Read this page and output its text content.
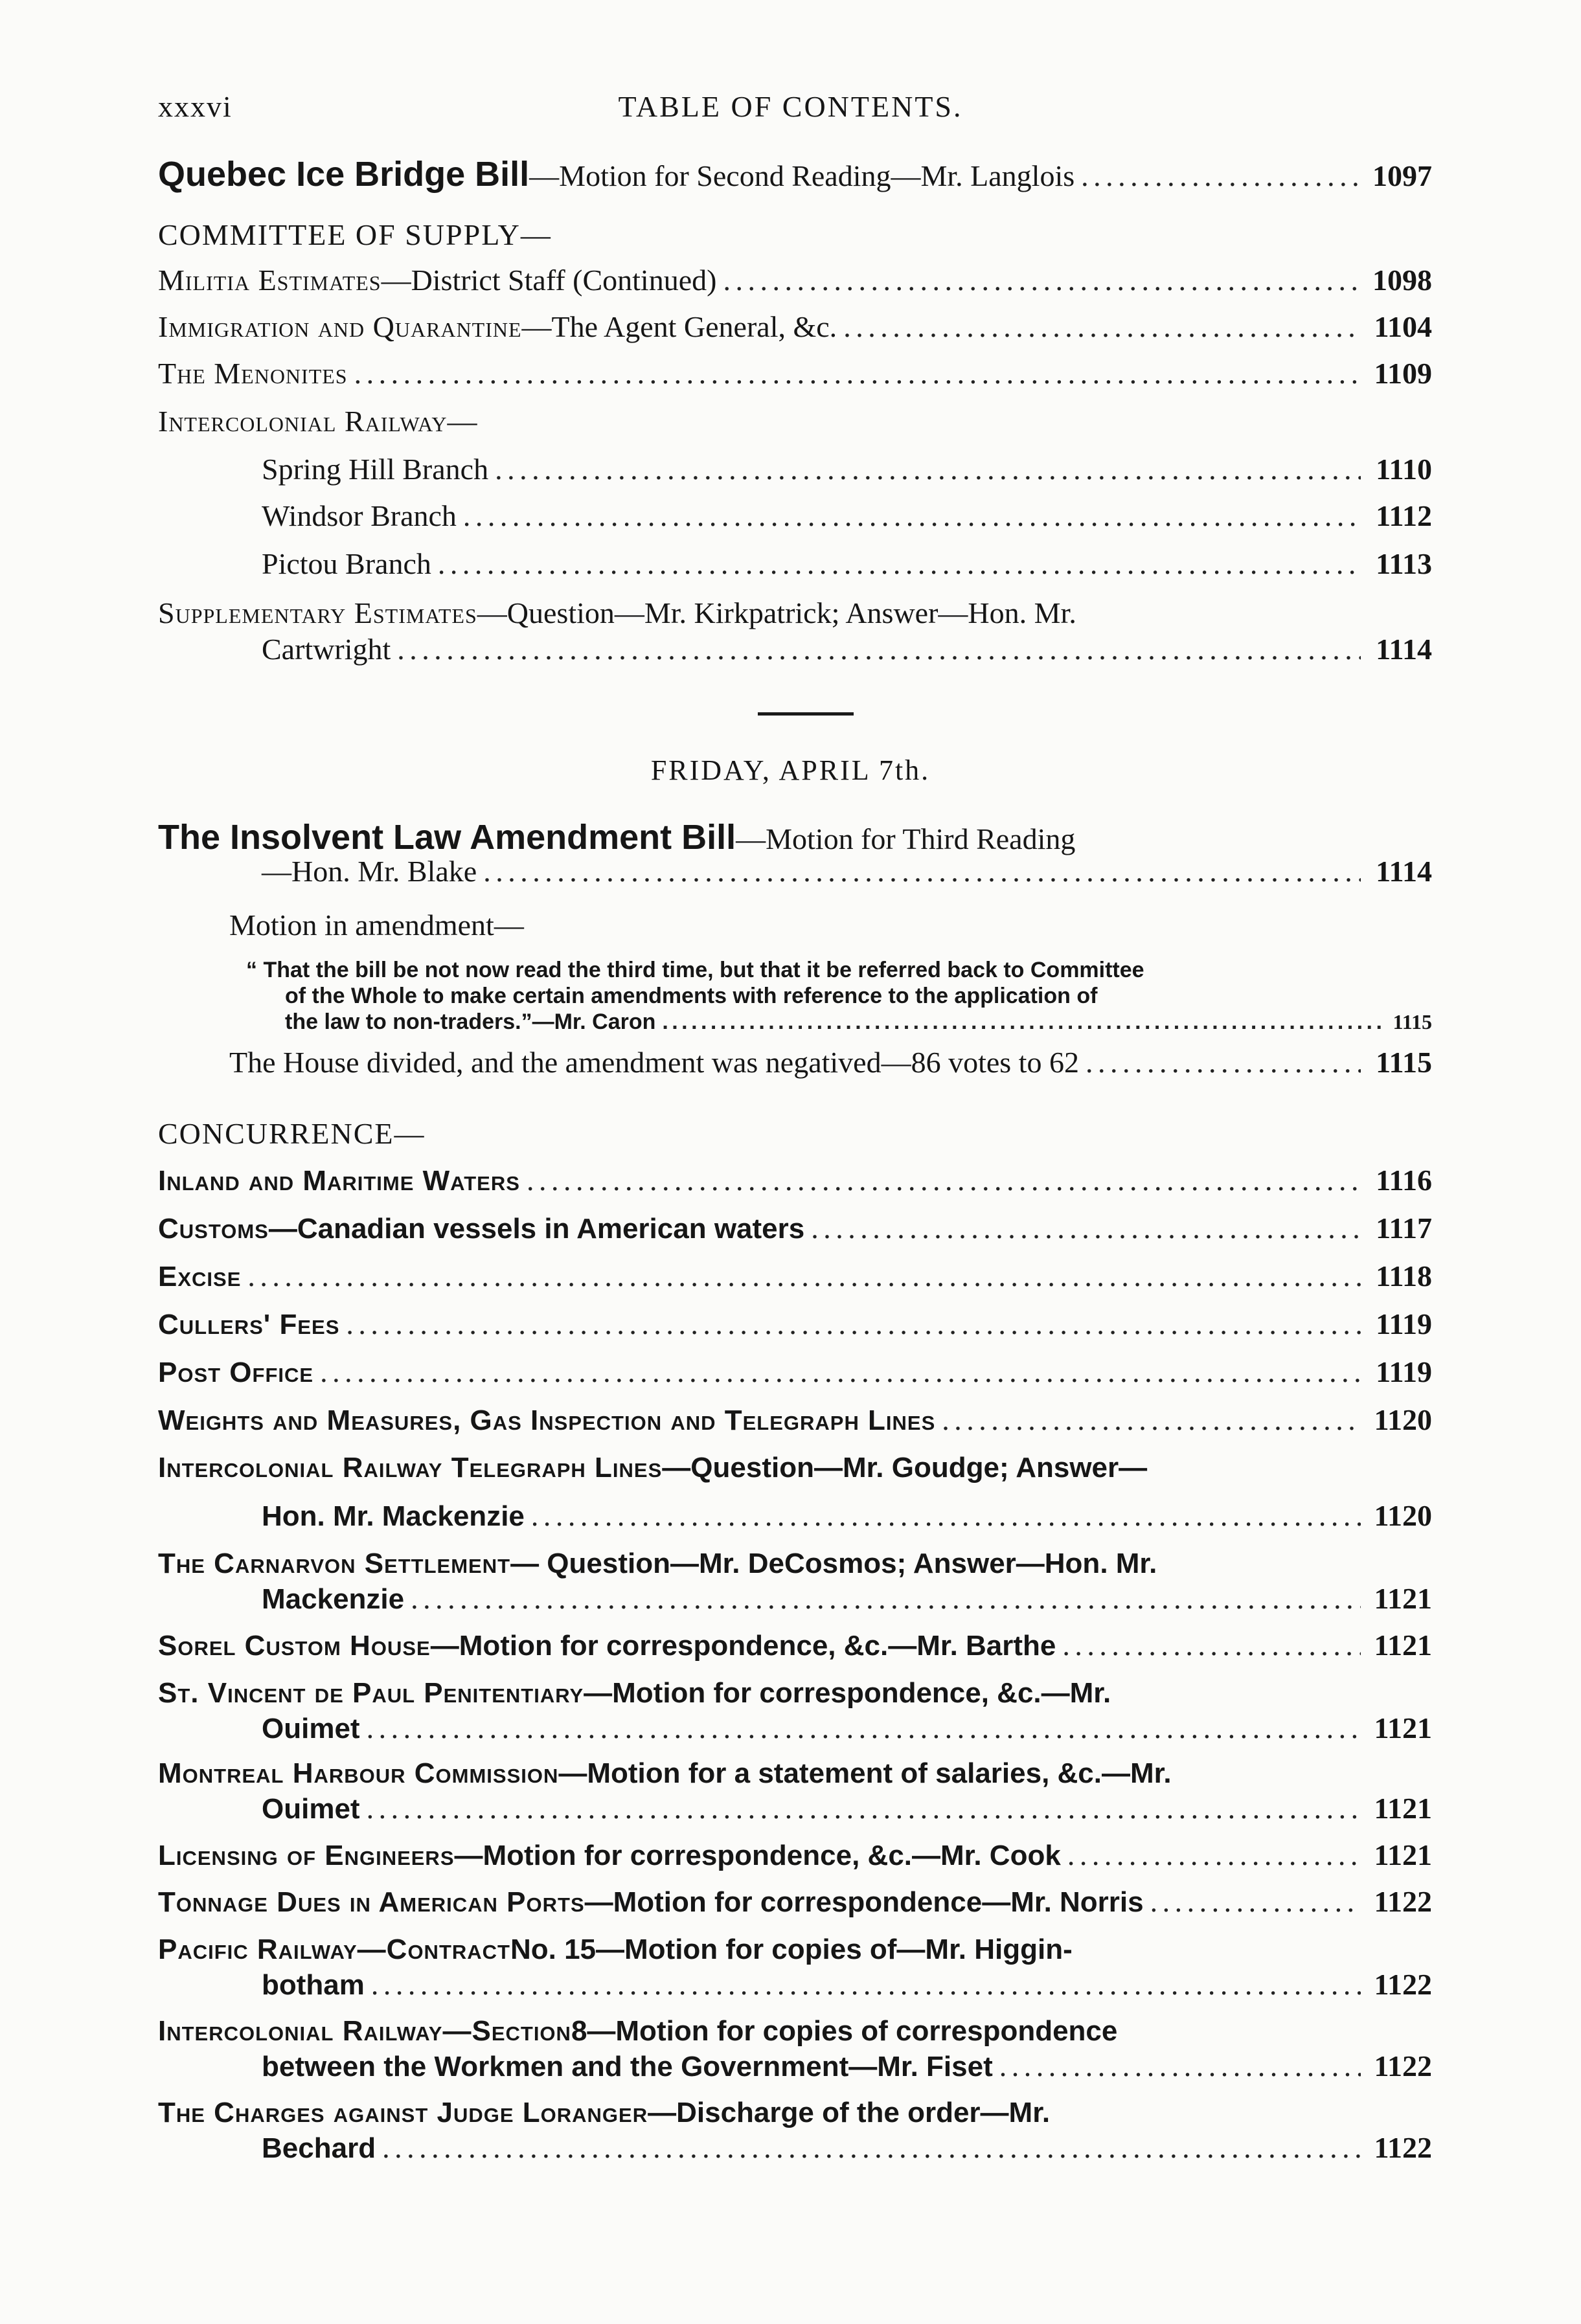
xxxvi	TABLE OF CONTENTS.
Quebec Ice Bridge Bill —Motion for Second Reading—Mr. Langlois . . .	1097
COMMITTEE OF SUPPLY—
Militia Estimates —District Staff (Continued) . . .	1098
Immigration and Quarantine —The Agent General, &c. . . .	1104
The Menonites . . .	1109
Intercolonial Railway—
Spring Hill Branch . . .	1110
Windsor Branch . . .	1112
Pictou Branch . . .	1113
Supplementary Estimates —Question—Mr. Kirkpatrick; Answer—Hon. Mr.
Cartwright . . .	1114
FRIDAY, APRIL 7th.
The Insolvent Law Amendment Bill —Motion for Third Reading
—Hon. Mr. Blake . . .	1114
Motion in amendment—
“ That the bill be not now read the third time, but that it be referred back to Committee
of the Whole to make certain amendments with reference to the application of
the law to non-traders.”—Mr. Caron . . .	1115
The House divided, and the amendment was negatived—86 votes to 62 . . .	1115
CONCURRENCE—
Inland and Maritime Waters . . .	1116
Customs —Canadian vessels in American waters . . .	1117
Excise . . .	1118
Cullers' Fees . . .	1119
Post Office . . .	1119
Weights and Measures, Gas Inspection and Telegraph Lines . . .	1120
Intercolonial Railway Telegraph Lines —Question—Mr. Goudge; Answer—
Hon. Mr. Mackenzie . . .	1120
The Carnarvon Settlement — Question—Mr. DeCosmos; Answer—Hon. Mr.
Mackenzie . . .	1121
Sorel Custom House —Motion for correspondence, &c.—Mr. Barthe . . .	1121
St. Vincent de Paul Penitentiary —Motion for correspondence, &c.—Mr.
Ouimet . . .	1121
Montreal Harbour Commission —Motion for a statement of salaries, &c.—Mr.
Ouimet . . .	1121
Licensing of Engineers —Motion for correspondence, &c.—Mr. Cook . . .	1121
Tonnage Dues in American Ports —Motion for correspondence—Mr. Norris . . .	1122
Pacific Railway—Contract No. 15—Motion for copies of—Mr. Higgin-
botham . . .	1122
Intercolonial Railway—Section 8—Motion for copies of correspondence
between the Workmen and the Government—Mr. Fiset . . .	1122
The Charges against Judge Loranger —Discharge of the order—Mr.
Bechard . . .	1122
